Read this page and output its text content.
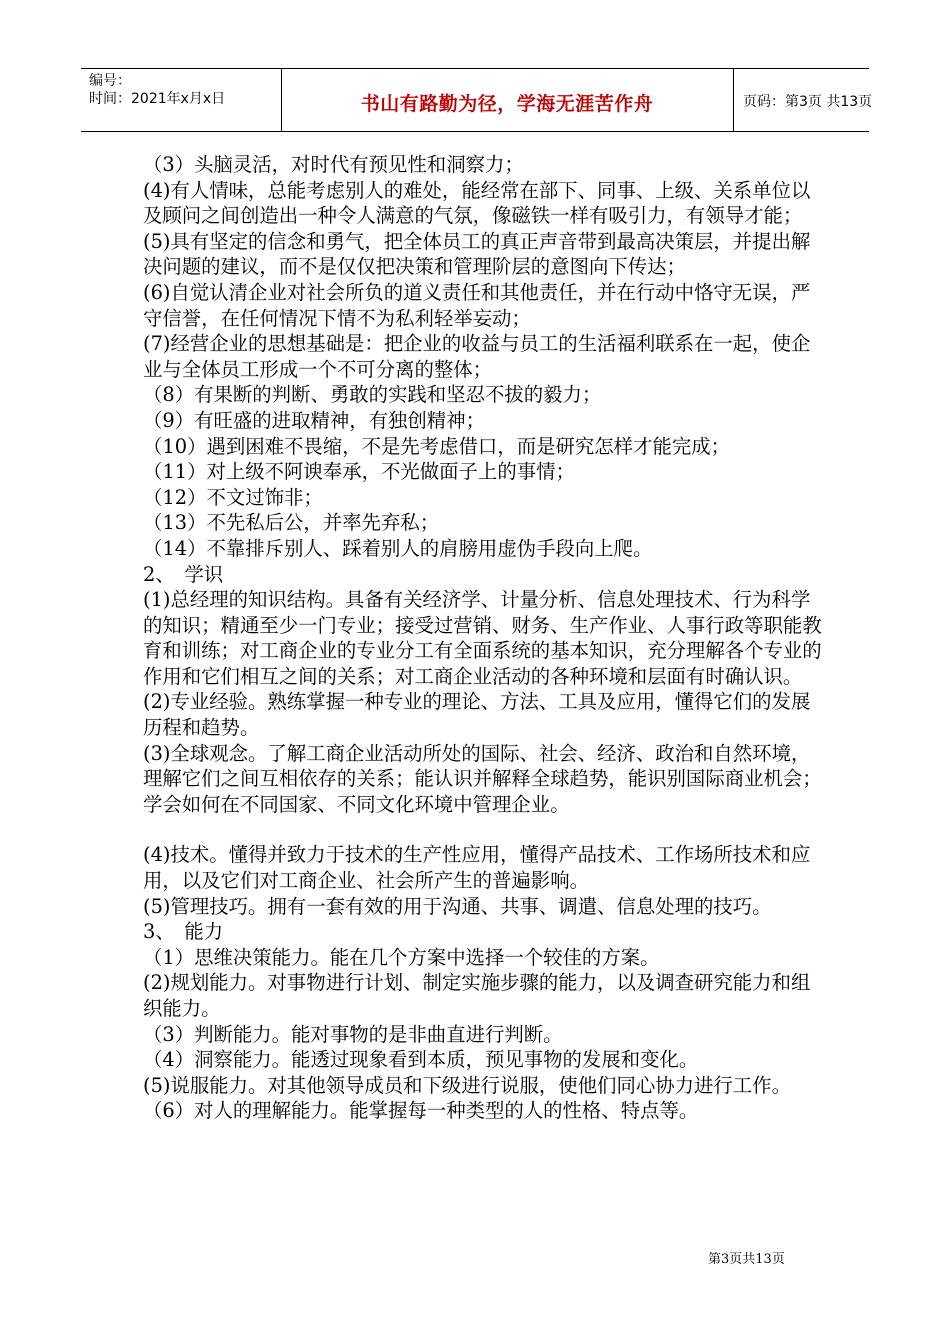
编号：
时间：2021年x月x日	书山有路勤为径，学海无涯苦作舟	页码：第3页 共13页

（3）头脑灵活，对时代有预见性和洞察力；

(4)有人情味，总能考虑别人的难处，能经常在部下、同事、上级、关系单位以及顾问之间创造出一种令人满意的气氛，像磁铁一样有吸引力，有领导才能；

(5)具有坚定的信念和勇气，把全体员工的真正声音带到最高决策层，并提出解决问题的建议，而不是仅仅把决策和管理阶层的意图向下传达；

(6)自觉认清企业对社会所负的道义责任和其他责任，并在行动中恪守无误，严守信誉，在任何情况下情不为私利轻举妄动；

(7)经营企业的思想基础是：把企业的收益与员工的生活福利联系在一起，使企业与全体员工形成一个不可分离的整体；

（8）有果断的判断、勇敢的实践和坚忍不拔的毅力；

（9）有旺盛的进取精神，有独创精神；

（10）遇到困难不畏缩，不是先考虑借口，而是研究怎样才能完成；

（11）对上级不阿谀奉承，不光做面子上的事情；

（12）不文过饰非；

（13）不先私后公，并率先弃私；

（14）不靠排斥别人、踩着别人的肩膀用虚伪手段向上爬。

2、　学识

(1)总经理的知识结构。具备有关经济学、计量分析、信息处理技术、行为科学的知识；精通至少一门专业；接受过营销、财务、生产作业、人事行政等职能教育和训练；对工商企业的专业分工有全面系统的基本知识，充分理解各个专业的作用和它们相互之间的关系；对工商企业活动的各种环境和层面有时确认识。

(2)专业经验。熟练掌握一种专业的理论、方法、工具及应用，懂得它们的发展历程和趋势。

(3)全球观念。了解工商企业活动所处的国际、社会、经济、政治和自然环境，理解它们之间互相依存的关系；能认识并解释全球趋势，能识别国际商业机会；学会如何在不同国家、不同文化环境中管理企业。

(4)技术。懂得并致力于技术的生产性应用，懂得产品技术、工作场所技术和应用，以及它们对工商企业、社会所产生的普遍影响。

(5)管理技巧。拥有一套有效的用于沟通、共事、调遣、信息处理的技巧。

3、　能力

（1）思维决策能力。能在几个方案中选择一个较佳的方案。

(2)规划能力。对事物进行计划、制定实施步骤的能力，以及调查研究能力和组织能力。

（3）判断能力。能对事物的是非曲直进行判断。

（4）洞察能力。能透过现象看到本质，预见事物的发展和变化。

(5)说服能力。对其他领导成员和下级进行说服，使他们同心协力进行工作。

（6）对人的理解能力。能掌握每一种类型的人的性格、特点等。

第3页共13页
